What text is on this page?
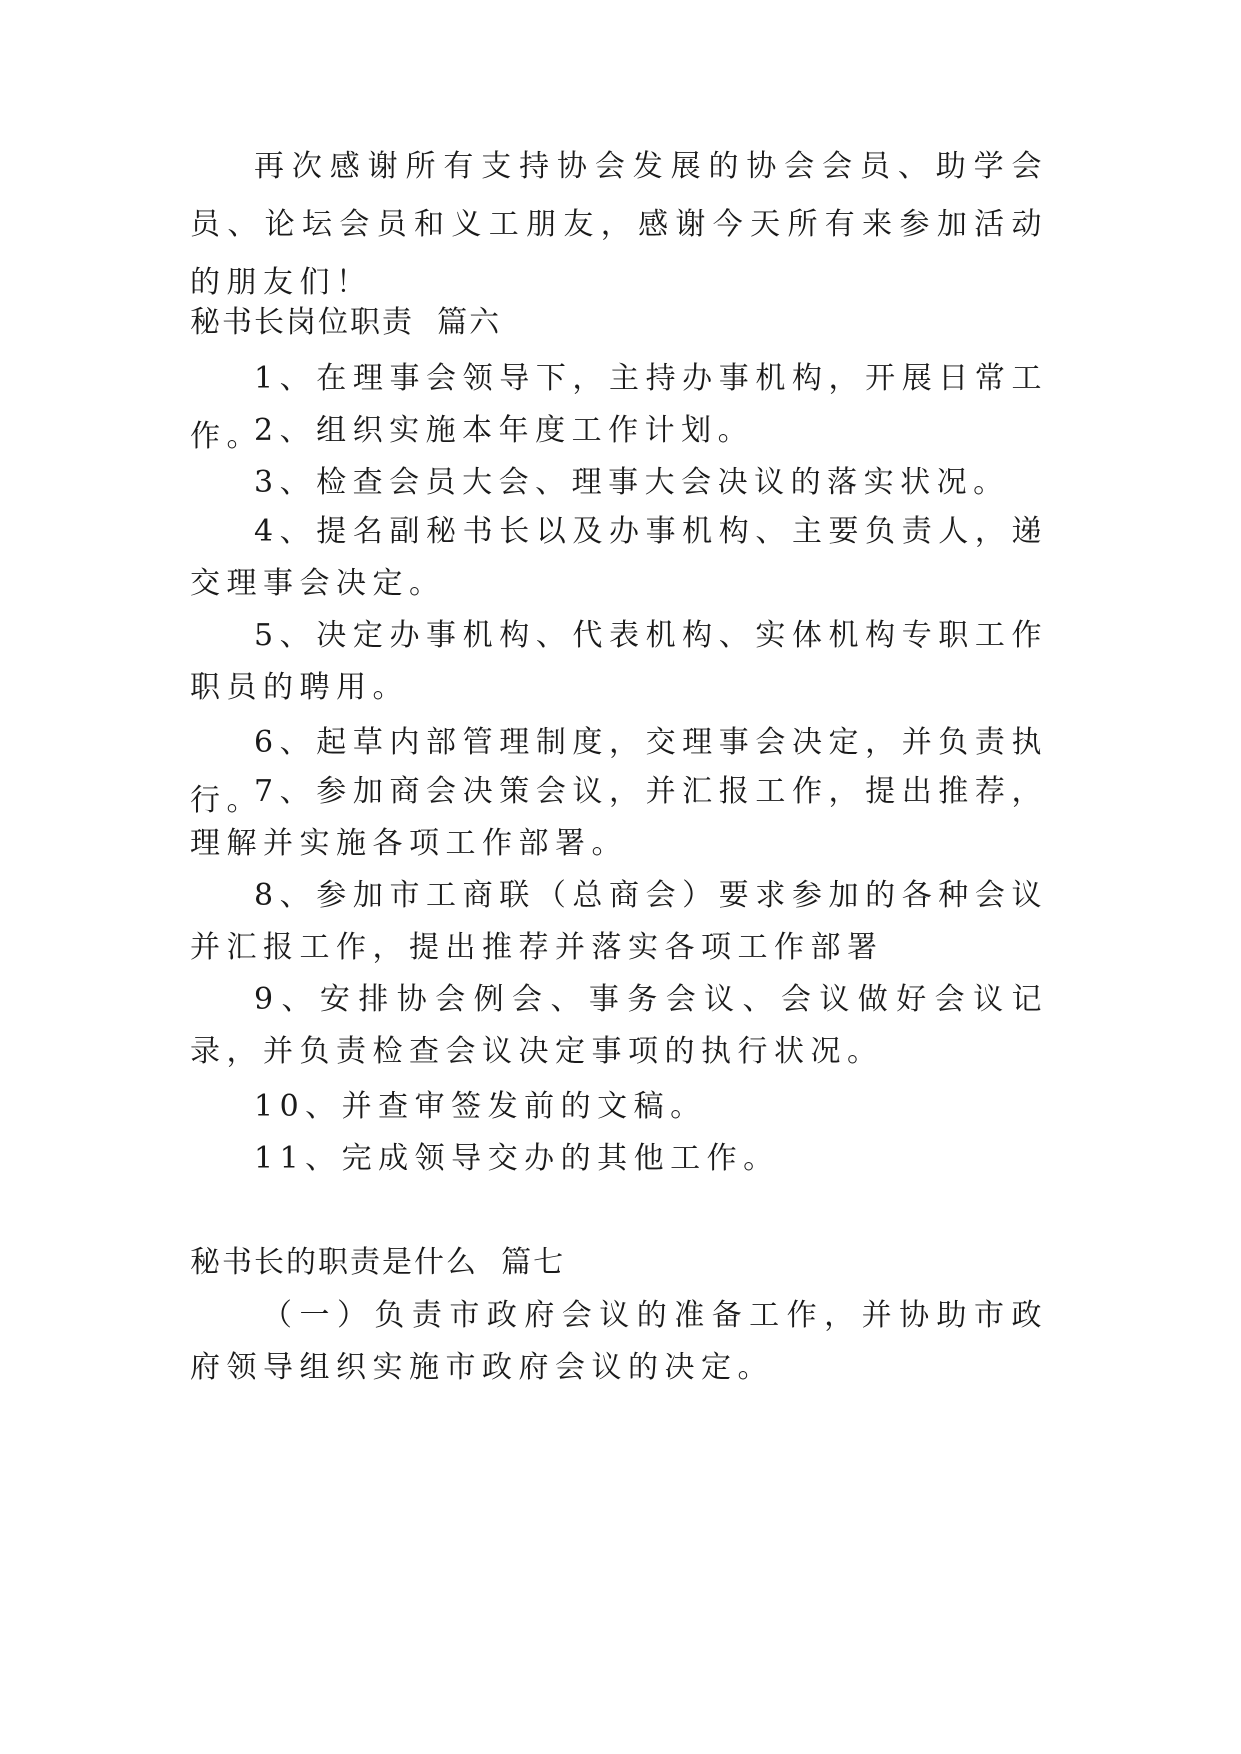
再次感谢所有支持协会发展的协会会员、助学会员、论坛会员和义工朋友，感谢今天所有来参加活动的朋友们！

秘书长岗位职责  篇六

1、在理事会领导下，主持办事机构，开展日常工作。

2、组织实施本年度工作计划。

3、检查会员大会、理事大会决议的落实状况。

4、提名副秘书长以及办事机构、主要负责人，递交理事会决定。

5、决定办事机构、代表机构、实体机构专职工作职员的聘用。

6、起草内部管理制度，交理事会决定，并负责执行。

7、参加商会决策会议，并汇报工作，提出推荐，理解并实施各项工作部署。

8、参加市工商联（总商会）要求参加的各种会议并汇报工作，提出推荐并落实各项工作部署

9、安排协会例会、事务会议、会议做好会议记录，并负责检查会议决定事项的执行状况。

10、并查审签发前的文稿。

11、完成领导交办的其他工作。

秘书长的职责是什么  篇七

（一）负责市政府会议的准备工作，并协助市政府领导组织实施市政府会议的决定。
